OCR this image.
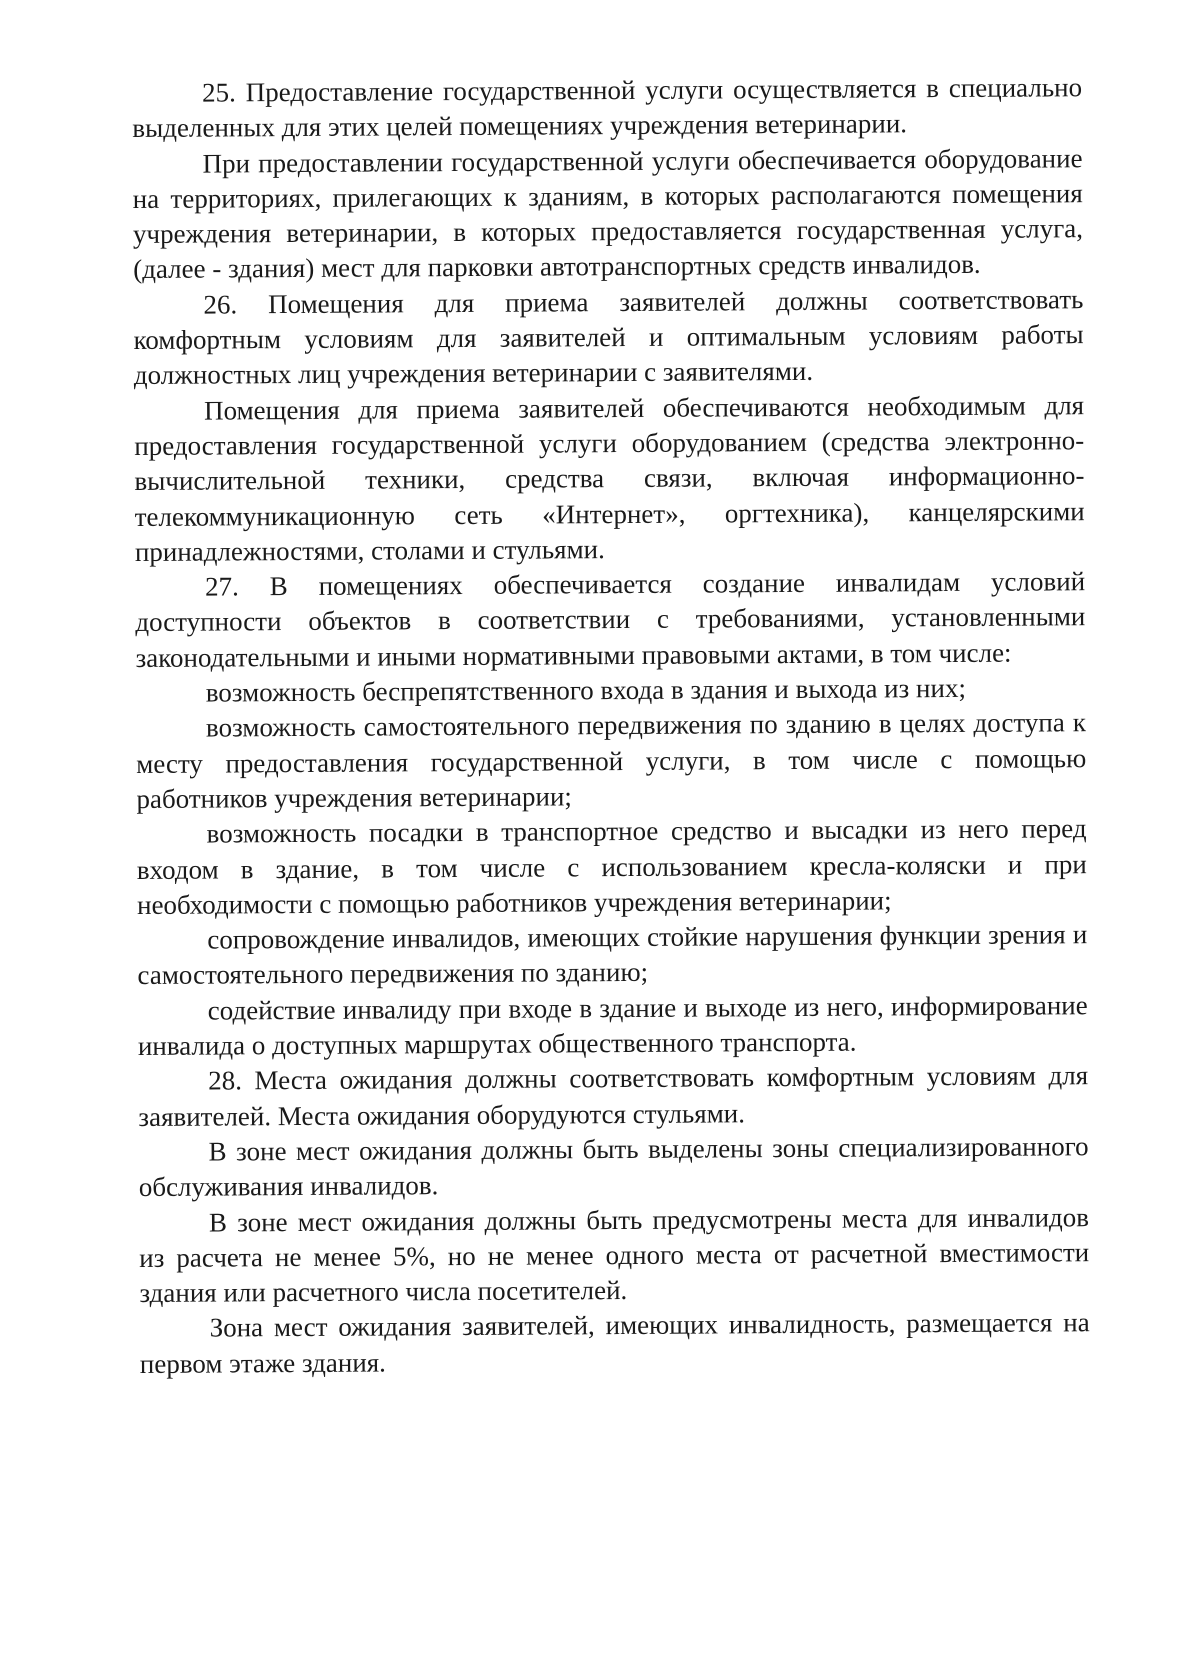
25. Предоставление государственной услуги осуществляется в специально выделенных для этих целей помещениях учреждения ветеринарии.

При предоставлении государственной услуги обеспечивается оборудование на территориях, прилегающих к зданиям, в которых располагаются помещения учреждения ветеринарии, в которых предоставляется государственная услуга, (далее - здания) мест для парковки автотранспортных средств инвалидов.

26. Помещения для приема заявителей должны соответствовать комфортным условиям для заявителей и оптимальным условиям работы должностных лиц учреждения ветеринарии с заявителями.

Помещения для приема заявителей обеспечиваются необходимым для предоставления государственной услуги оборудованием (средства электронно-вычислительной техники, средства связи, включая информационно-телекоммуникационную сеть «Интернет», оргтехника), канцелярскими принадлежностями, столами и стульями.

27. В помещениях обеспечивается создание инвалидам условий доступности объектов в соответствии с требованиями, установленными законодательными и иными нормативными правовыми актами, в том числе:

возможность беспрепятственного входа в здания и выхода из них;

возможность самостоятельного передвижения по зданию в целях доступа к месту предоставления государственной услуги, в том числе с помощью работников учреждения ветеринарии;

возможность посадки в транспортное средство и высадки из него перед входом в здание, в том числе с использованием кресла-коляски и при необходимости с помощью работников учреждения ветеринарии;

сопровождение инвалидов, имеющих стойкие нарушения функции зрения и самостоятельного передвижения по зданию;

содействие инвалиду при входе в здание и выходе из него, информирование инвалида о доступных маршрутах общественного транспорта.

28. Места ожидания должны соответствовать комфортным условиям для заявителей. Места ожидания оборудуются стульями.

В зоне мест ожидания должны быть выделены зоны специализированного обслуживания инвалидов.

В зоне мест ожидания должны быть предусмотрены места для инвалидов из расчета не менее 5%, но не менее одного места от расчетной вместимости здания или расчетного числа посетителей.

Зона мест ожидания заявителей, имеющих инвалидность, размещается на первом этаже здания.
